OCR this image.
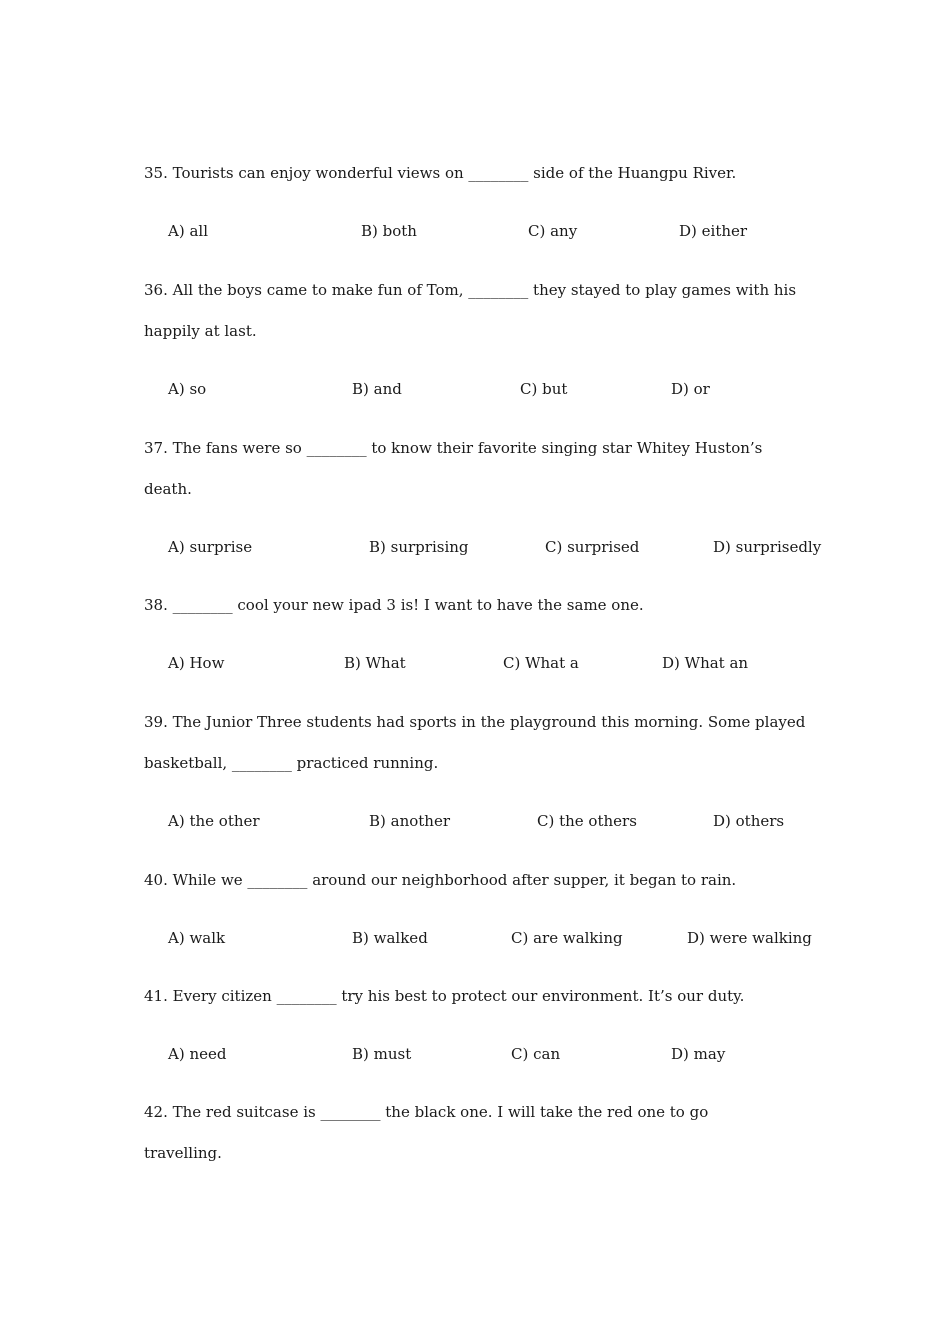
35. Tourists can enjoy wonderful views on ________ side of the Huangpu River.
A) all	B) both	C) any	D) either
36. All the boys came to make fun of Tom, ________ they stayed to play games with his
happily at last.
A) so	B) and	C) but	D) or
37. The fans were so ________ to know their favorite singing star Whitey Huston’s
death.
A) surprise	B) surprising	C) surprised	D) surprisedly
38. ________ cool your new ipad 3 is! I want to have the same one.
A) How	B) What	C) What a	D) What an
39. The Junior Three students had sports in the playground this morning. Some played
basketball, ________ practiced running.
A) the other	B) another	C) the others	D) others
40. While we ________ around our neighborhood after supper, it began to rain.
A) walk	B) walked	C) are walking	D) were walking
41. Every citizen ________ try his best to protect our environment. It’s our duty.
A) need	B) must	C) can	D) may
42. The red suitcase is ________ the black one. I will take the red one to go
travelling.
